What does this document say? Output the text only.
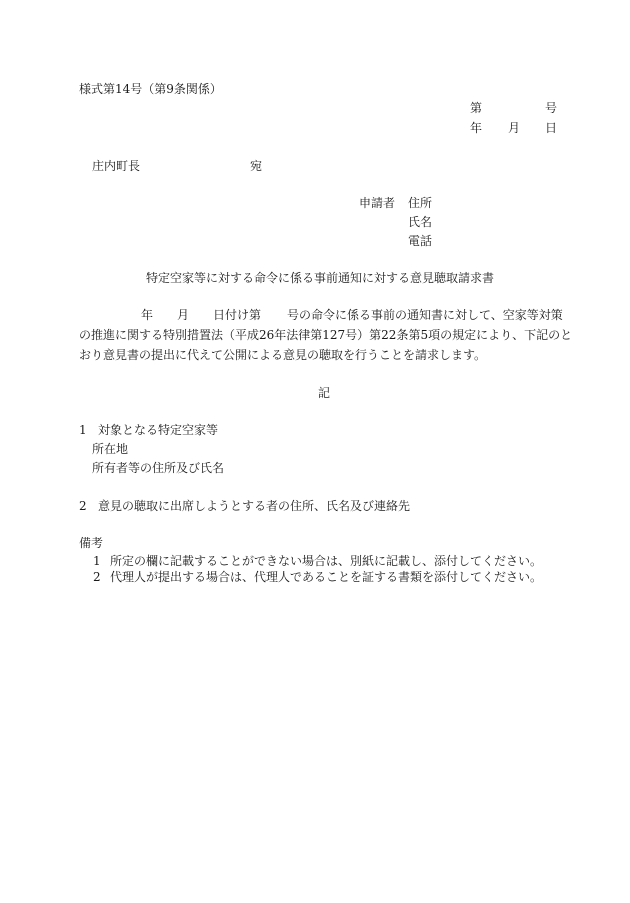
様式第14号（第9条関係）
第	号
年 月 日
庄内町長	宛
申請者 住所
氏名
電話
特定空家等に対する命令に係る事前通知に対する意見聴取請求書
年 月 日付け第 号の命令に係る事前の通知書に対して、空家等対策
の推進に関する特別措置法（平成26年法律第127号）第22条第5項の規定により、下記のと
おり意見書の提出に代えて公開による意見の聴取を行うことを請求します。
記
1 対象となる特定空家等
所在地
所有者等の住所及び氏名
2 意見の聴取に出席しようとする者の住所、氏名及び連絡先
備考
1 所定の欄に記載することができない場合は、別紙に記載し、添付してください。
2 代理人が提出する場合は、代理人であることを証する書類を添付してください。
